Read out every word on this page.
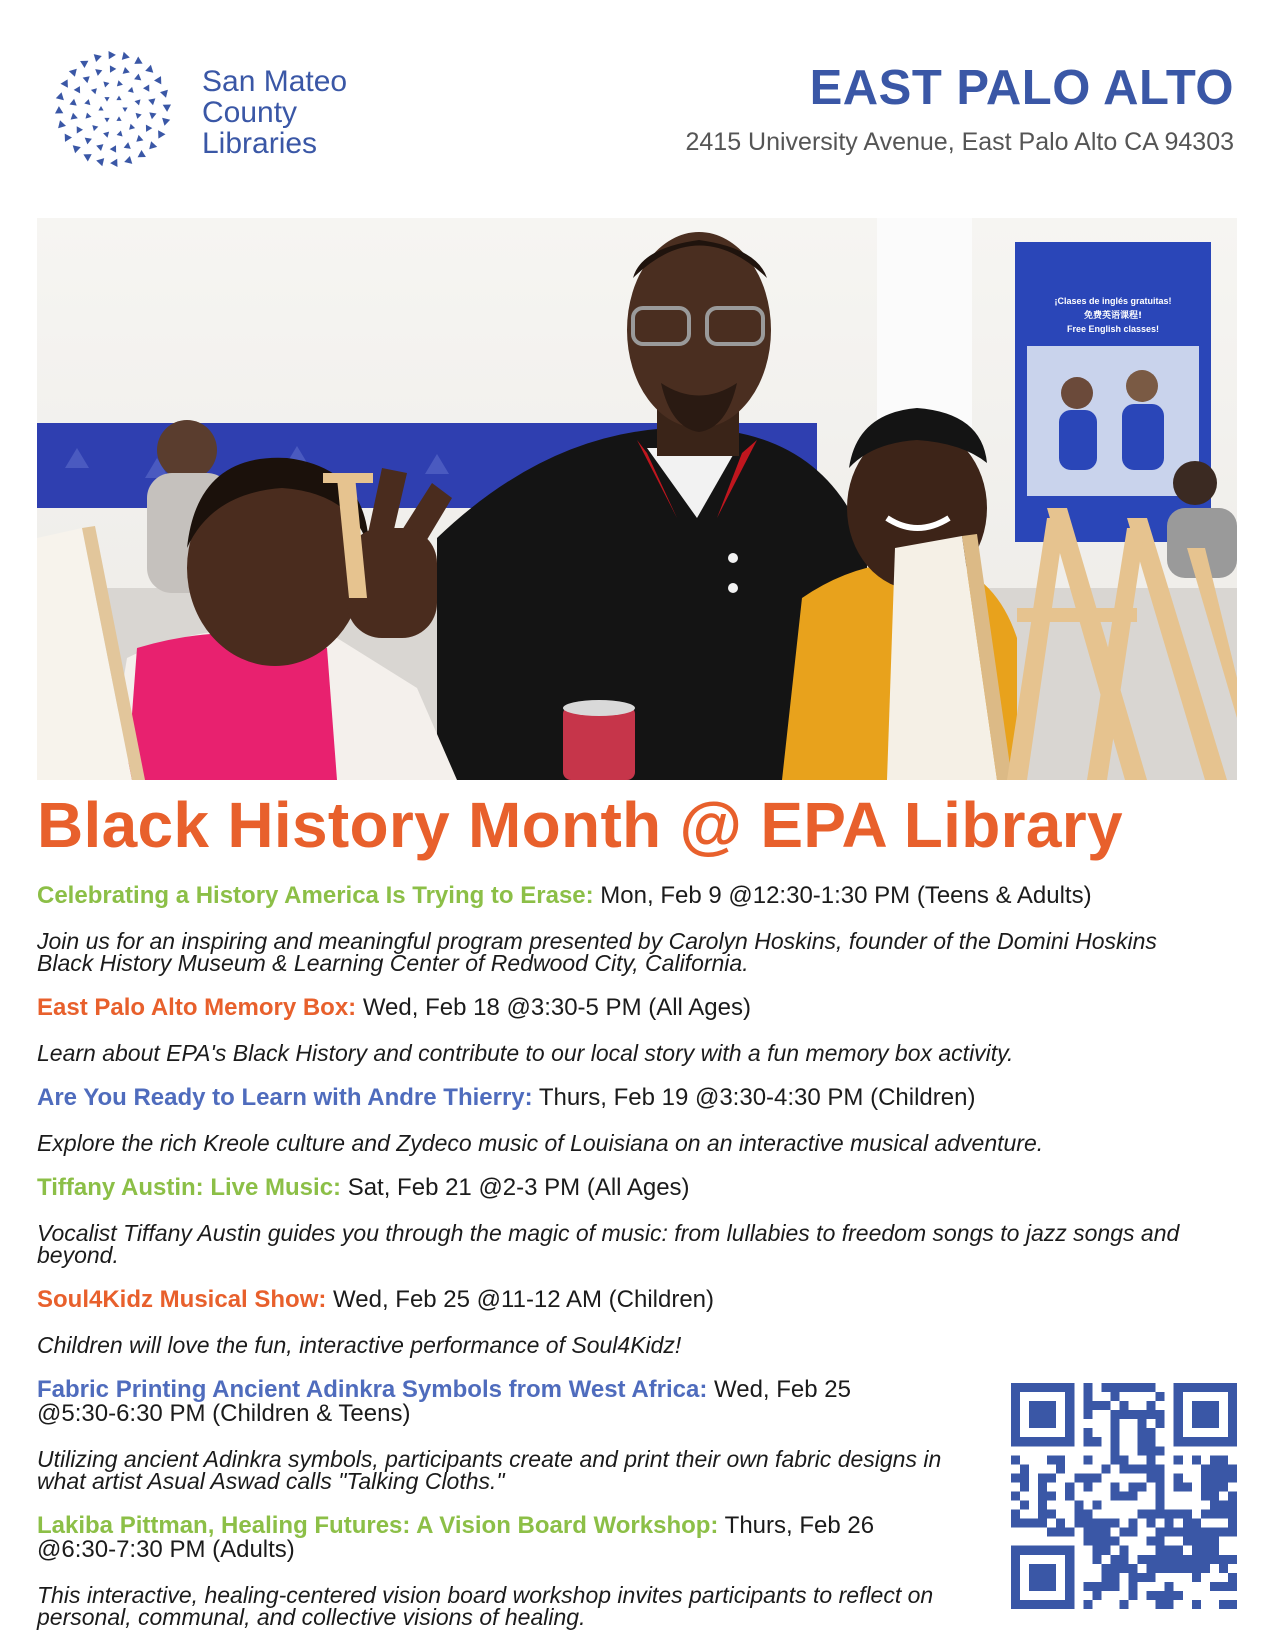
San Mateo
County
Libraries
EAST PALO ALTO
2415 University Avenue, East Palo Alto CA 94303
¡Clases de inglés gratuitas!
免费英语课程!
Free English classes!
Black History Month @ EPA Library
Celebrating a History America Is Trying to Erase: Mon, Feb 9 @12:30-1:30 PM (Teens & Adults)
Join us for an inspiring and meaningful program presented by Carolyn Hoskins, founder of the Domini Hoskins Black History Museum & Learning Center of Redwood City, California.
East Palo Alto Memory Box: Wed, Feb 18 @3:30-5 PM (All Ages)
Learn about EPA's Black History and contribute to our local story with a fun memory box activity.
Are You Ready to Learn with Andre Thierry: Thurs, Feb 19 @3:30-4:30 PM (Children)
Explore the rich Kreole culture and Zydeco music of Louisiana on an interactive musical adventure.
Tiffany Austin: Live Music: Sat, Feb 21 @2-3 PM (All Ages)
Vocalist Tiffany Austin guides you through the magic of music: from lullabies to freedom songs to jazz songs and beyond.
Soul4Kidz Musical Show: Wed, Feb 25 @11-12 AM (Children)
Children will love the fun, interactive performance of Soul4Kidz!
Fabric Printing Ancient Adinkra Symbols from West Africa: Wed, Feb 25 @5:30-6:30 PM (Children & Teens)
Utilizing ancient Adinkra symbols, participants create and print their own fabric designs in what artist Asual Aswad calls "Talking Cloths."
Lakiba Pittman, Healing Futures: A Vision Board Workshop: Thurs, Feb 26 @6:30-7:30 PM (Adults)
This interactive, healing-centered vision board workshop invites participants to reflect on personal, communal, and collective visions of healing.
